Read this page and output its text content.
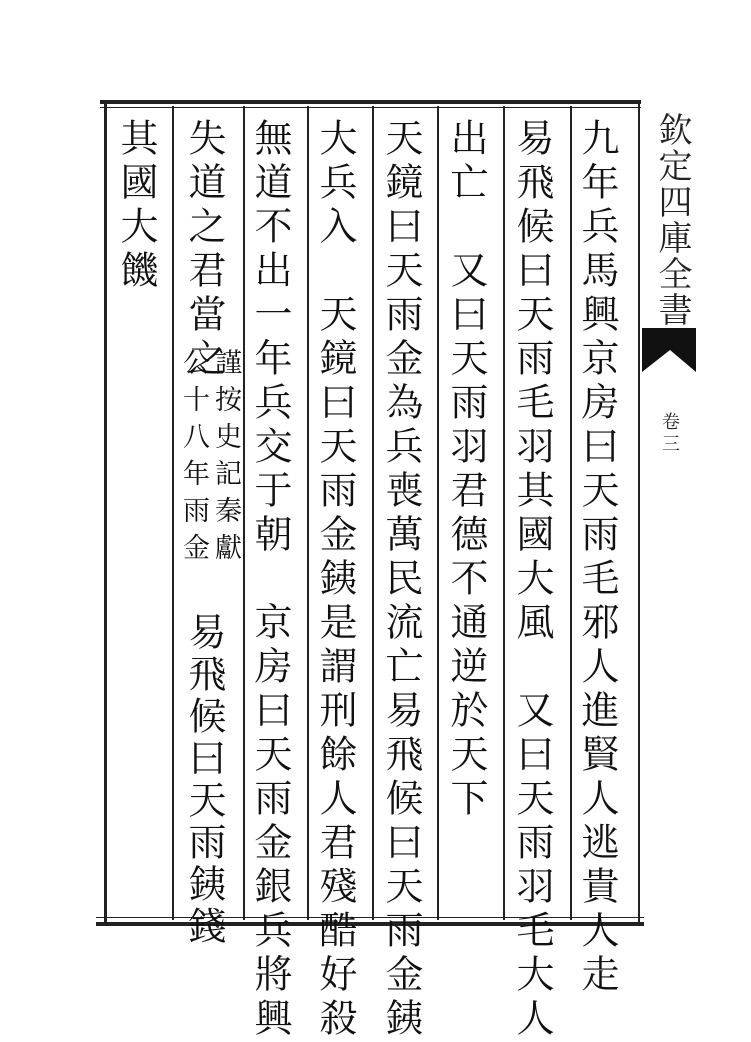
欽定四庫全書
卷三
九年兵馬興京房曰天雨毛邪人進賢人逃貴人走
易飛候曰天雨毛羽其國大風　又曰天雨羽毛大人
出亡　又曰天雨羽君德不通逆於天下
天鏡曰天雨金為兵喪萬民流亡易飛候曰天雨金銕
大兵入　天鏡曰天雨金銕是謂刑餘人君殘酷好殺
無道不出一年兵交于朝　京房曰天雨金銀兵將興
失道之君當之
謹按史記秦獻
公十八年雨金
易飛候曰天雨銕錢
其國大饑
